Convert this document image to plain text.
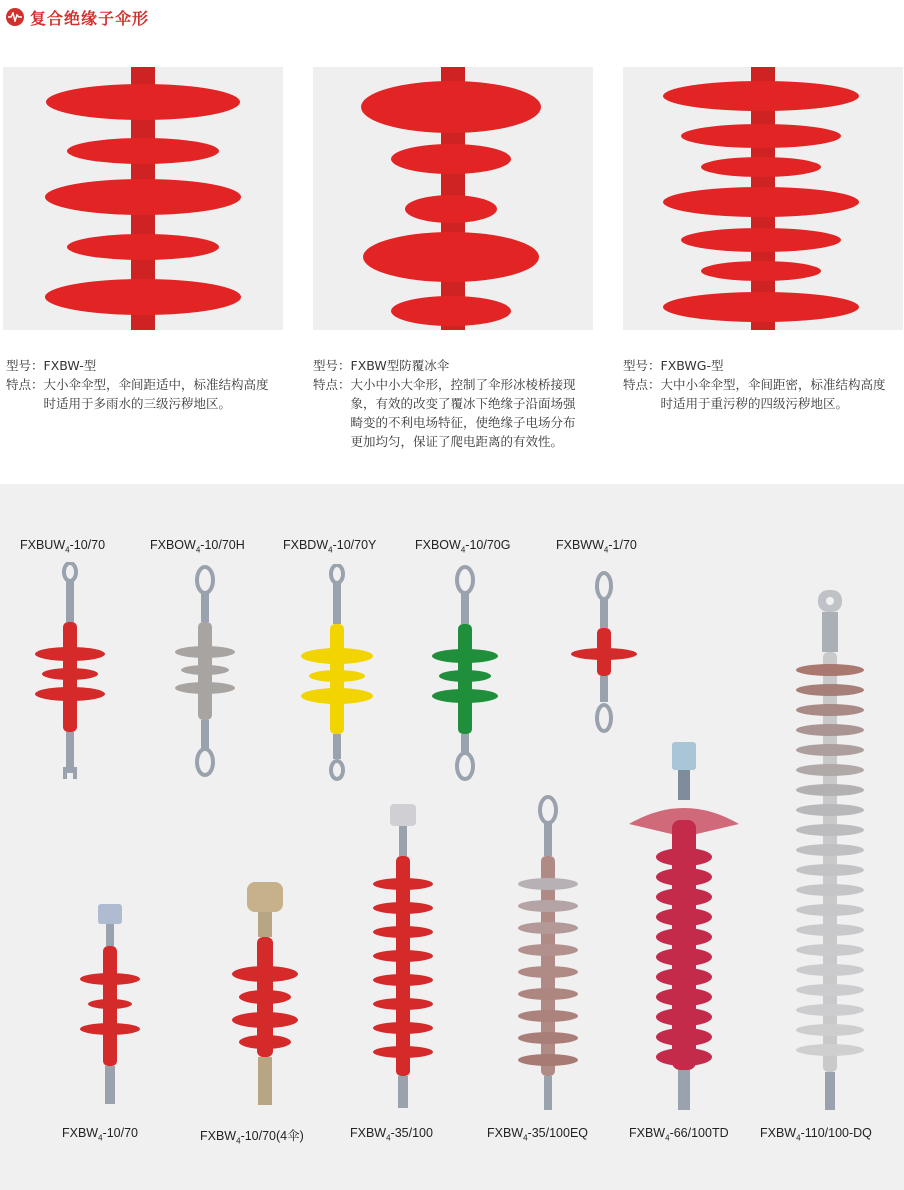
复合绝缘子伞形
型号： FXBW-型
特点： 大小伞伞型，伞间距适中，标准结构高度
时适用于多雨水的三级污秽地区。
型号： FXBW型防覆冰伞
特点： 大小中小大伞形，控制了伞形冰棱桥接现
象，有效的改变了覆冰下绝缘子沿面场强
畸变的不利电场特征，使绝缘子电场分布
更加均匀，保证了爬电距离的有效性。
型号： FXBWG-型
特点： 大中小伞伞型，伞间距密，标准结构高度
时适用于重污秽的四级污秽地区。
$FXBUW_4-10/70$	$FXBOW_4-10/70H$	$FXBDW_4-10/70Y$	$FXBOW_4-10/70G$	$FXBWW_4-1/70$
$FXBW_4-10/70$	$FXBW_4-10/70(4$伞)	$FXBW_4-35/100$	$FXBW_4-35/100EQ$	$FXBW_4-66/100TD$	$FXBW_4-110/100-DQ$
